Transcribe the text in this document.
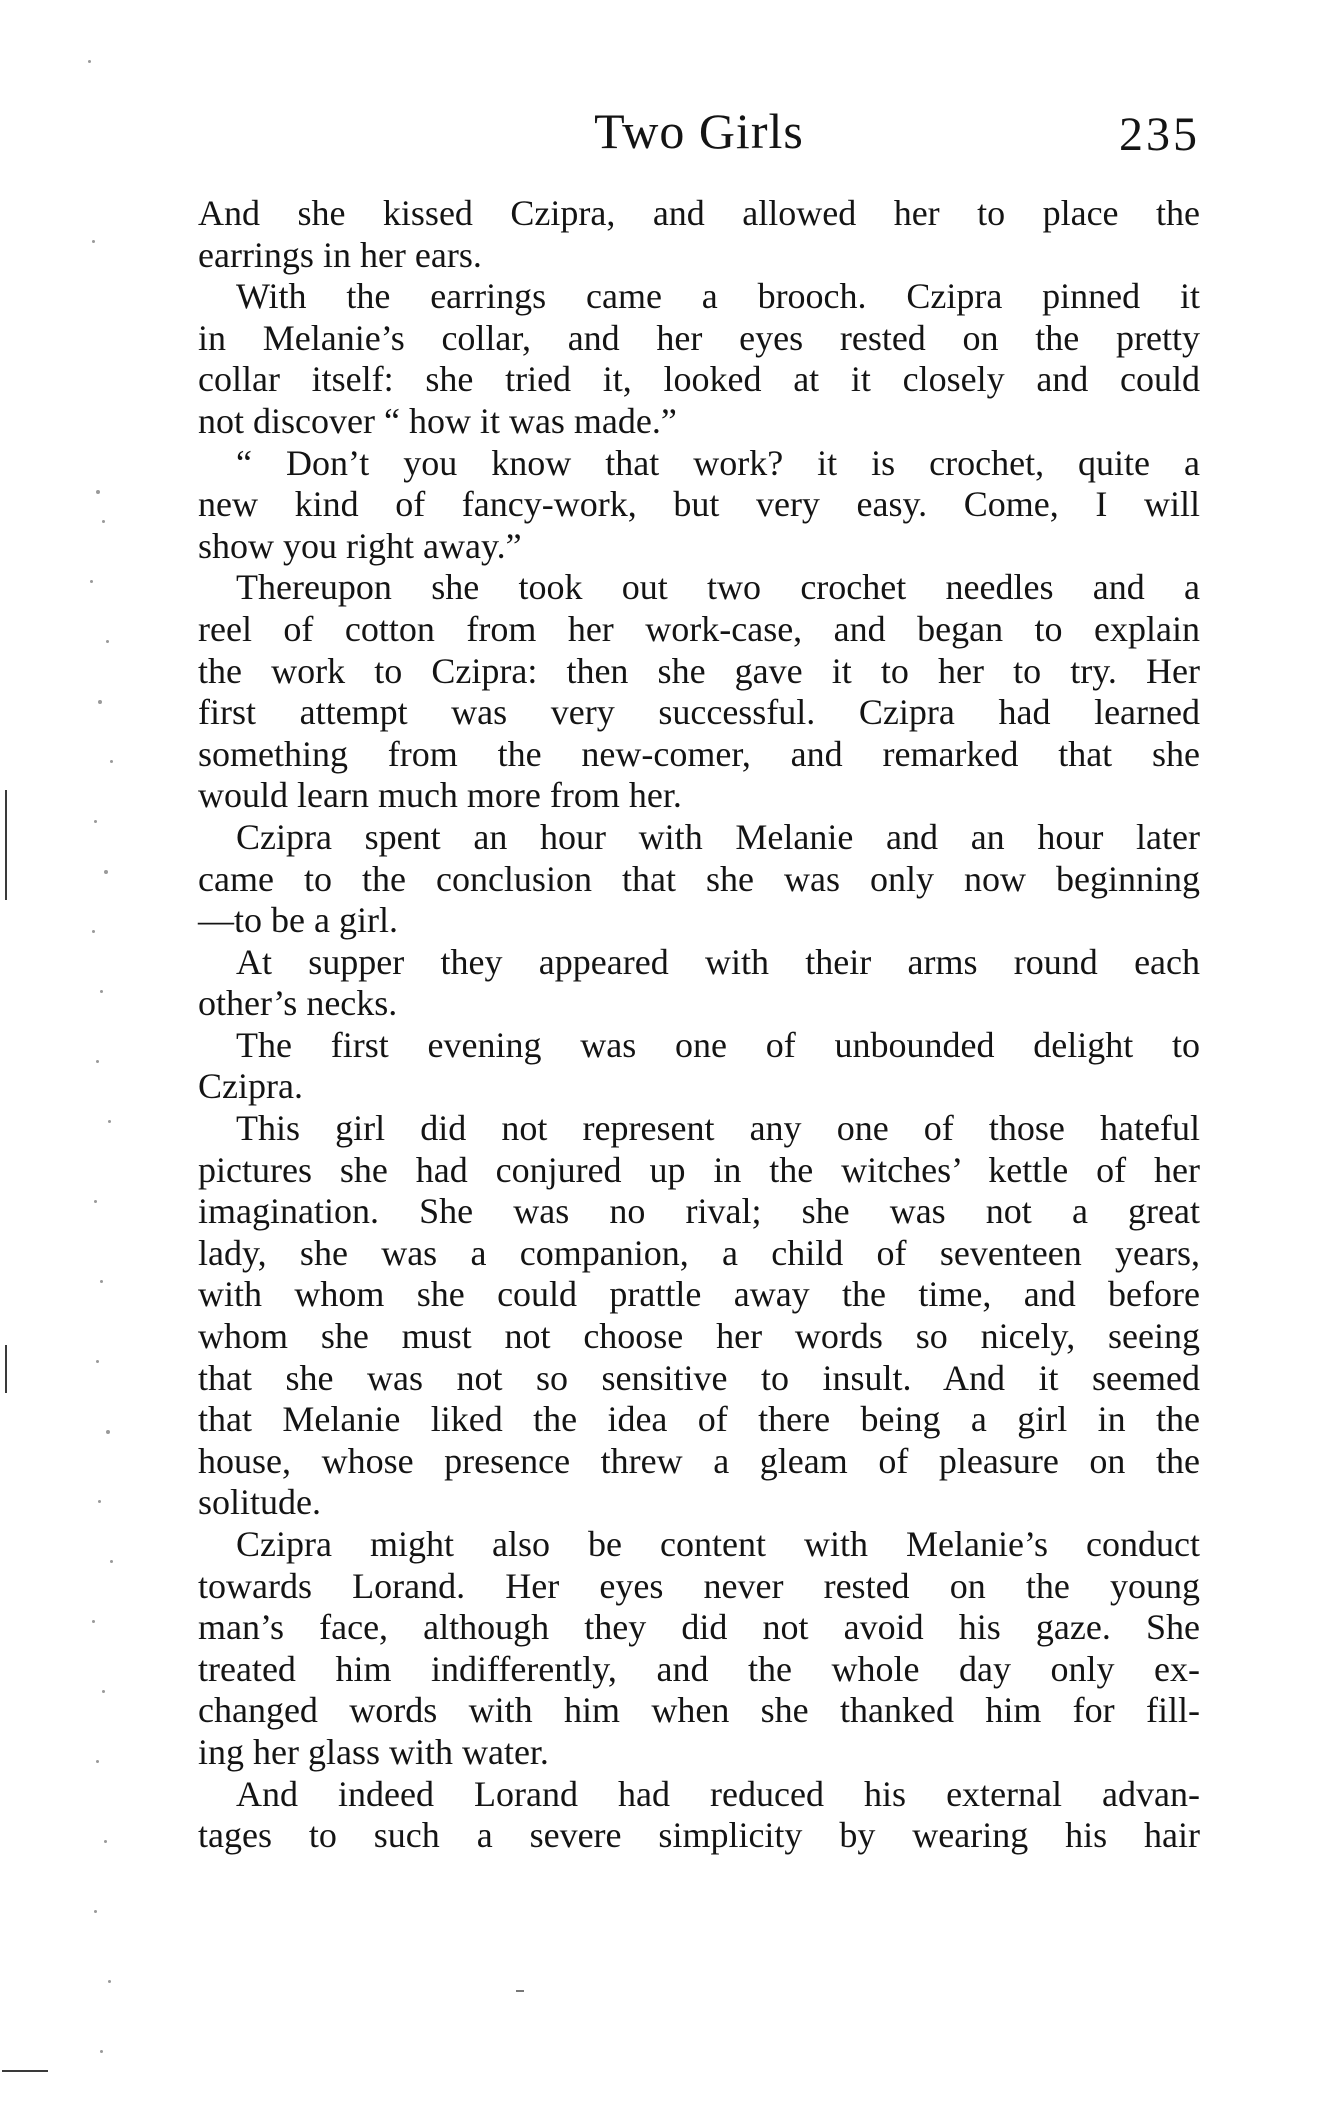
Two Girls	235
And she kissed Czipra, and allowed her to place the
earrings in her ears.
With the earrings came a brooch. Czipra pinned it
in Melanie’s collar, and her eyes rested on the pretty
collar itself: she tried it, looked at it closely and could
not discover “ how it was made.”
“ Don’t you know that work? it is crochet, quite a
new kind of fancy-work, but very easy. Come, I will
show you right away.”
Thereupon she took out two crochet needles and a
reel of cotton from her work-case, and began to explain
the work to Czipra: then she gave it to her to try. Her
first attempt was very successful. Czipra had learned
something from the new-comer, and remarked that she
would learn much more from her.
Czipra spent an hour with Melanie and an hour later
came to the conclusion that she was only now beginning
—to be a girl.
At supper they appeared with their arms round each
other’s necks.
The first evening was one of unbounded delight to
Czipra.
This girl did not represent any one of those hateful
pictures she had conjured up in the witches’ kettle of her
imagination. She was no rival; she was not a great
lady, she was a companion, a child of seventeen years,
with whom she could prattle away the time, and before
whom she must not choose her words so nicely, seeing
that she was not so sensitive to insult. And it seemed
that Melanie liked the idea of there being a girl in the
house, whose presence threw a gleam of pleasure on the
solitude.
Czipra might also be content with Melanie’s conduct
towards Lorand. Her eyes never rested on the young
man’s face, although they did not avoid his gaze. She
treated him indifferently, and the whole day only ex-
changed words with him when she thanked him for fill-
ing her glass with water.
And indeed Lorand had reduced his external advan-
tages to such a severe simplicity by wearing his hair
